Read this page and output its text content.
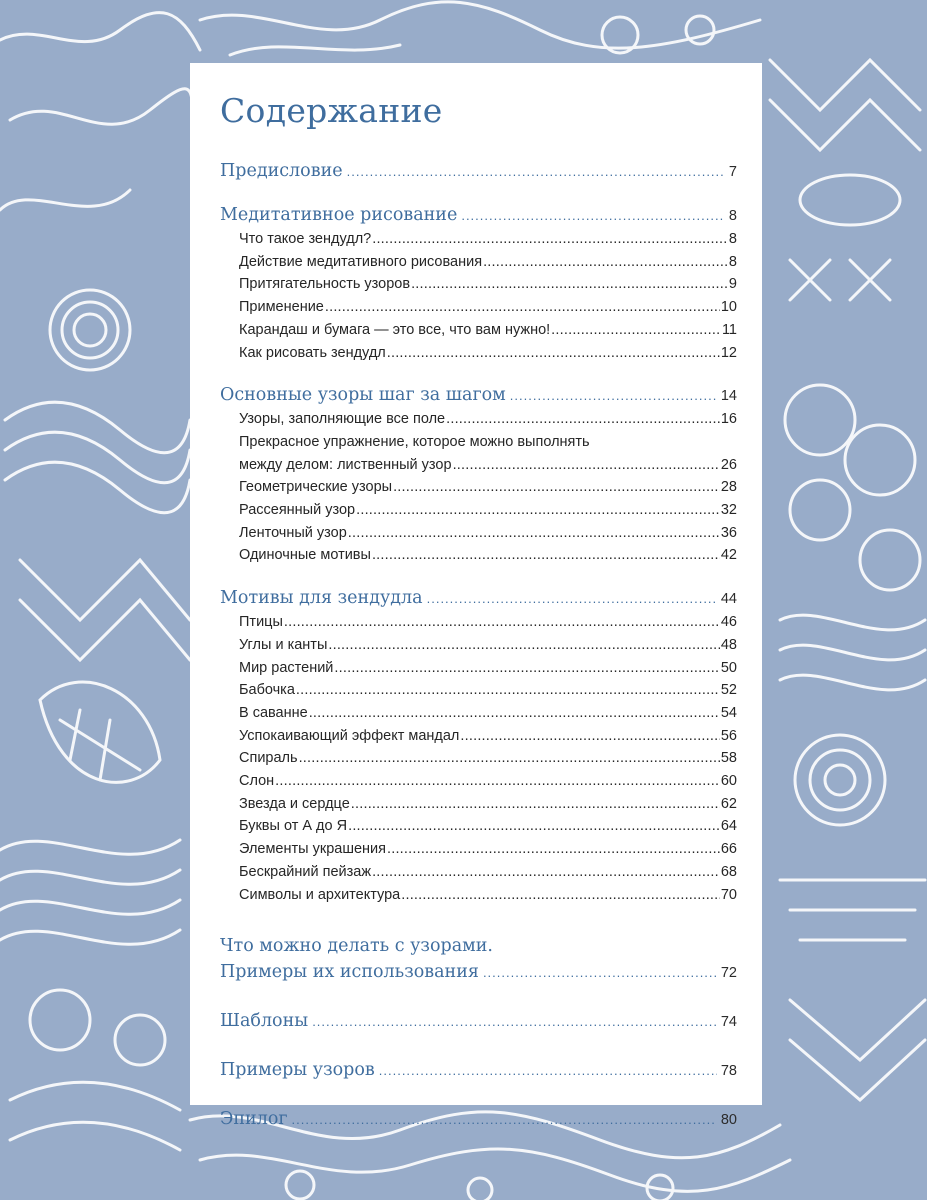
Содержание
Предисловие .....	7
Медитативное рисование .....	8
Что такое зендудл? .....	8
Действие медитативного рисования .....	8
Притягательность узоров .....	9
Применение .....	10
Карандаш и бумага — это все, что вам нужно! .....	11
Как рисовать зендудл .....	12
Основные узоры шаг за шагом .....	14
Узоры, заполняющие все поле .....	16
Прекрасное упражнение, которое можно выполнять
между делом: лиственный узор .....	26
Геометрические узоры .....	28
Рассеянный узор .....	32
Ленточный узор .....	36
Одиночные мотивы .....	42
Мотивы для зендудла .....	44
Птицы .....	46
Углы и канты .....	48
Мир растений .....	50
Бабочка .....	52
В саванне .....	54
Успокаивающий эффект мандал .....	56
Спираль .....	58
Слон .....	60
Звезда и сердце .....	62
Буквы от А до Я .....	64
Элементы украшения .....	66
Бескрайний пейзаж .....	68
Символы и архитектура .....	70
Что можно делать с узорами.
Примеры их использования .....	72
Шаблоны .....	74
Примеры узоров .....	78
Эпилог .....	80
